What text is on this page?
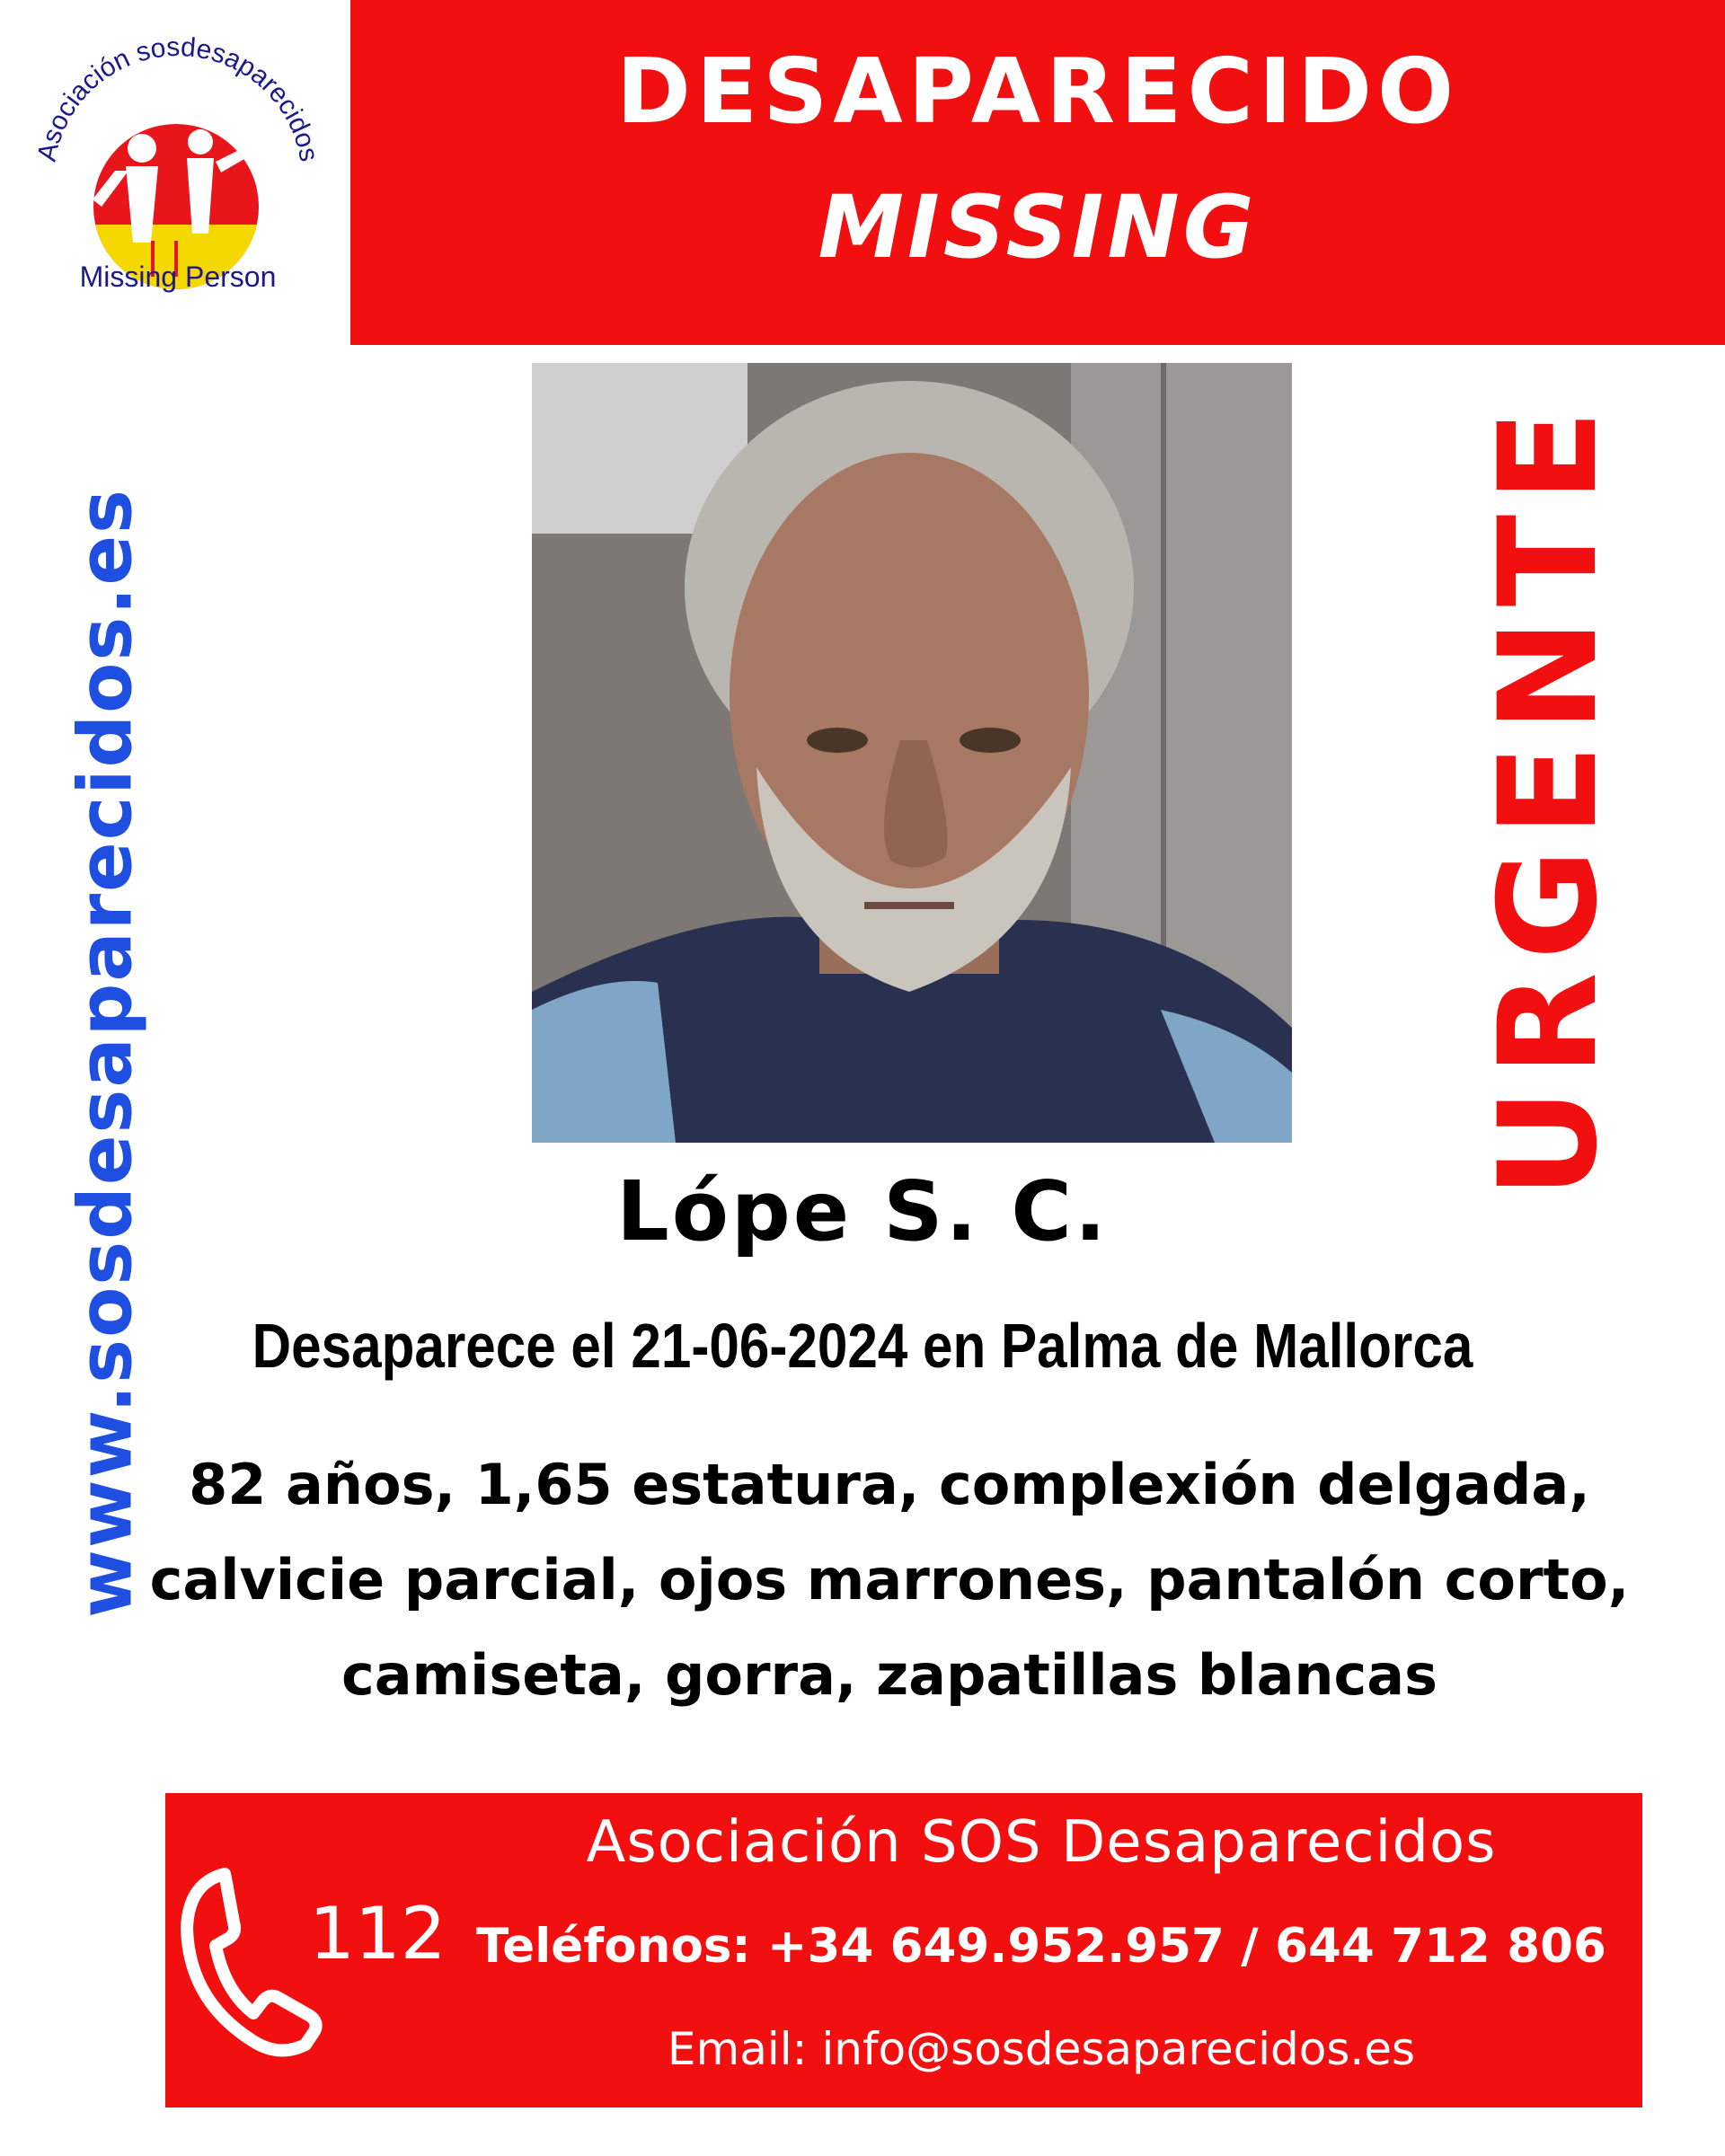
Asociación sosdesaparecidos
Missing Person
DESAPARECIDO
MISSING
www.sosdesaparecidos.es	URGENTE
Lópe S. C.
Desaparece el 21-06-2024 en Palma de Mallorca
82 años, 1,65 estatura, complexión delgada,
calvicie parcial, ojos marrones, pantalón corto,
camiseta, gorra, zapatillas blancas
112
Asociación SOS Desaparecidos
Teléfonos: +34 649.952.957 / 644 712 806
Email: info@sosdesaparecidos.es
